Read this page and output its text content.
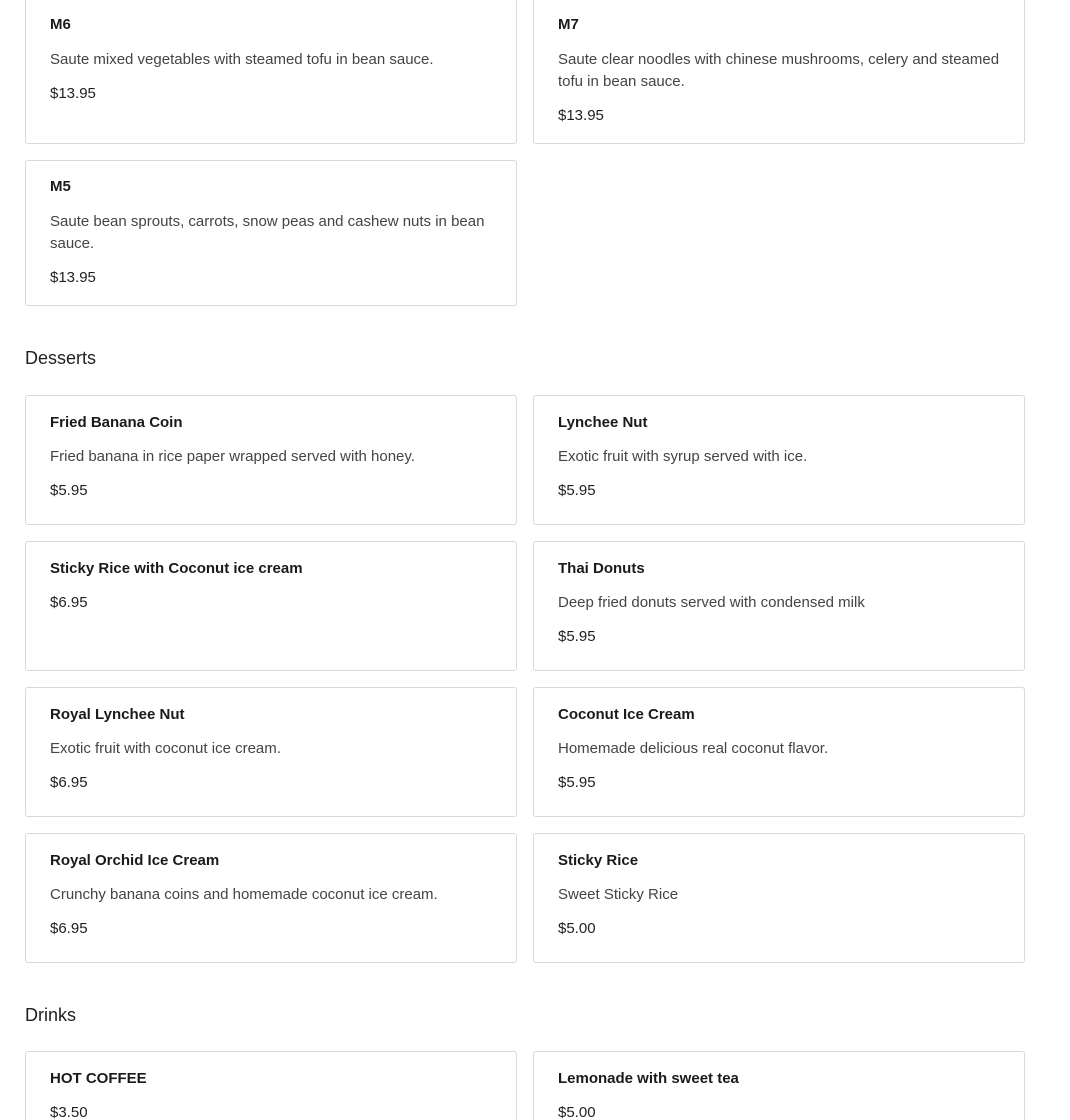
M6
Saute mixed vegetables with steamed tofu in bean sauce.
$13.95
M7
Saute clear noodles with chinese mushrooms, celery and steamed tofu in bean sauce.
$13.95
M5
Saute bean sprouts, carrots, snow peas and cashew nuts in bean sauce.
$13.95
Desserts
Fried Banana Coin
Fried banana in rice paper wrapped served with honey.
$5.95
Lynchee Nut
Exotic fruit with syrup served with ice.
$5.95
Sticky Rice with Coconut ice cream
$6.95
Thai Donuts
Deep fried donuts served with condensed milk
$5.95
Royal Lynchee Nut
Exotic fruit with coconut ice cream.
$6.95
Coconut Ice Cream
Homemade delicious real coconut flavor.
$5.95
Royal Orchid Ice Cream
Crunchy banana coins and homemade coconut ice cream.
$6.95
Sticky Rice
Sweet Sticky Rice
$5.00
Drinks
HOT COFFEE
$3.50
Lemonade with sweet tea
$5.00
